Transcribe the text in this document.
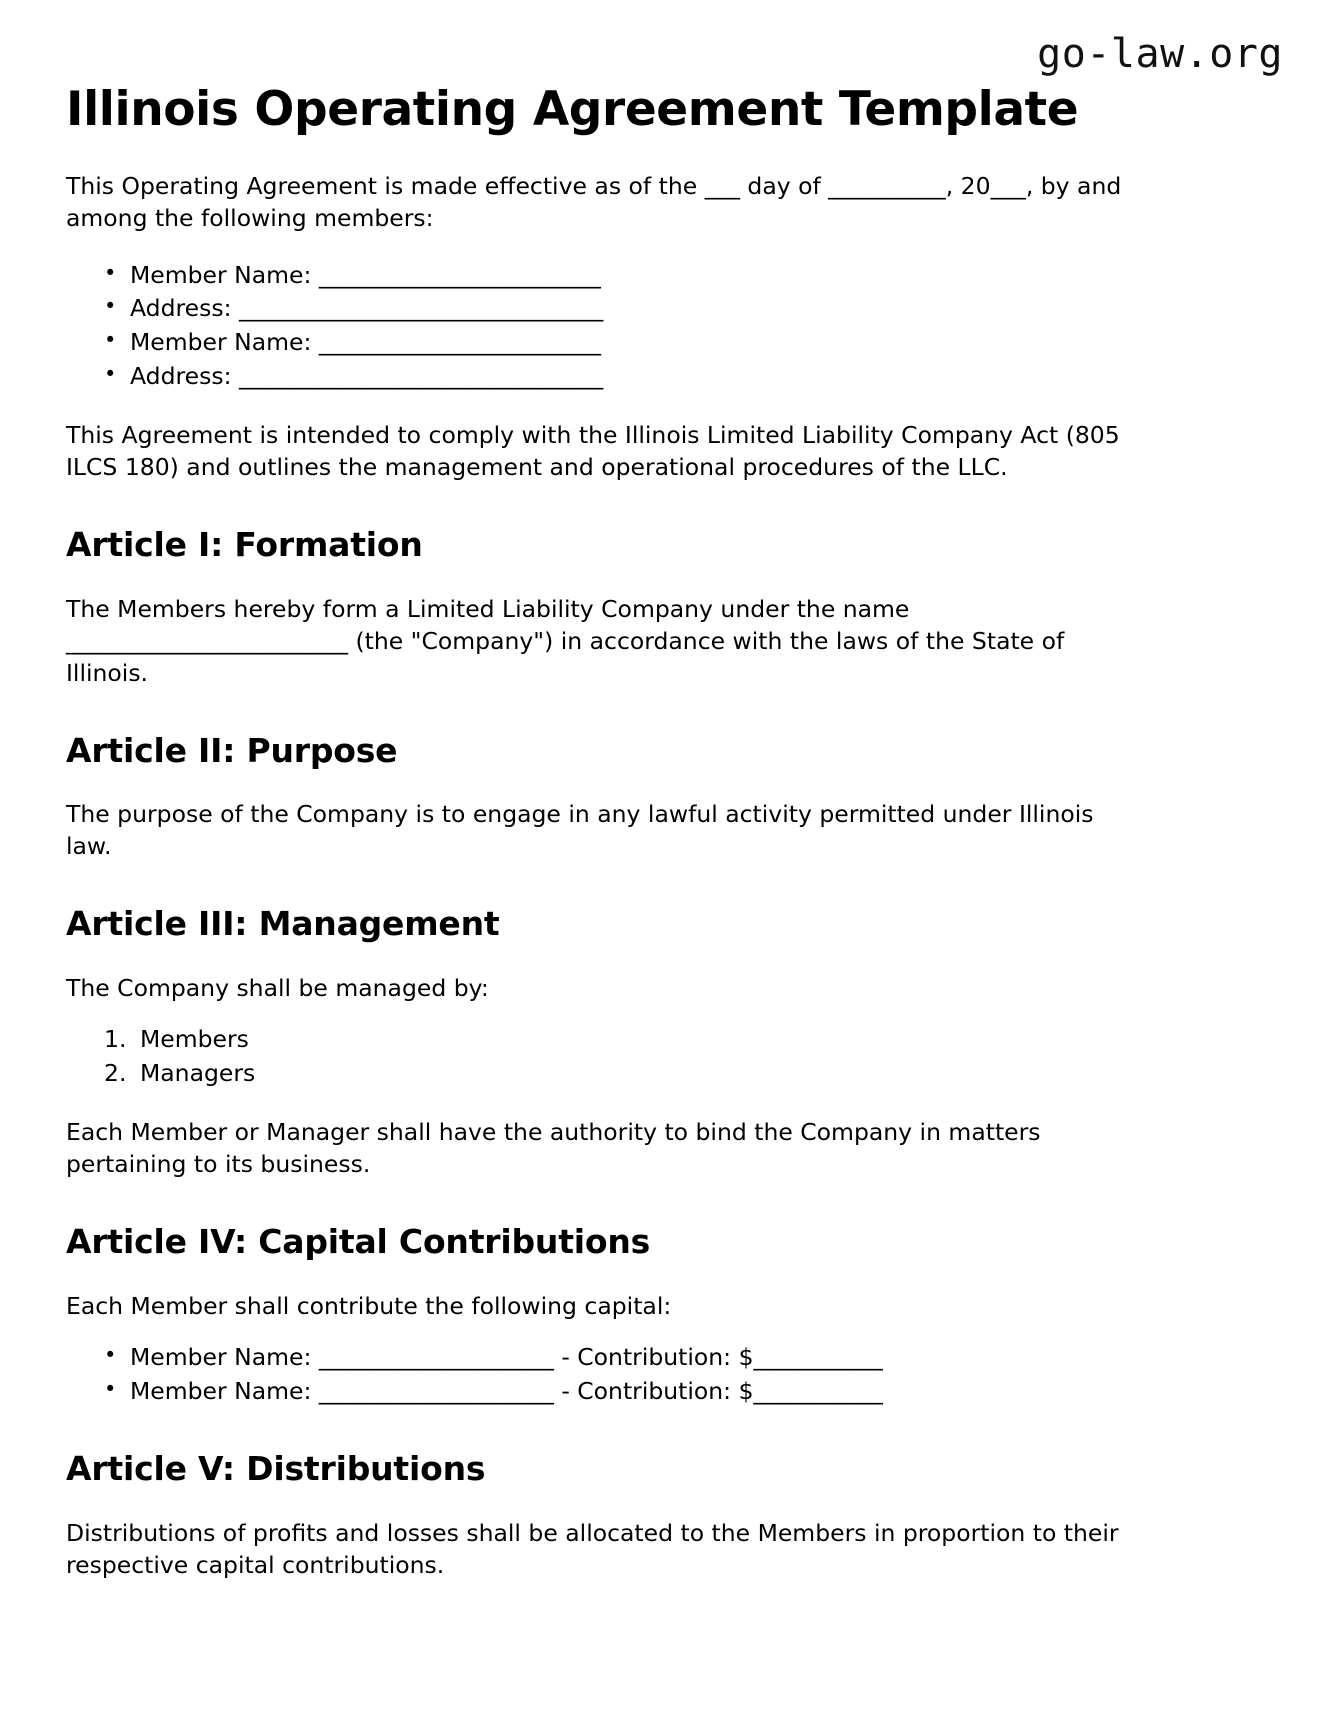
go-law.org
Illinois Operating Agreement Template

This Operating Agreement is made effective as of the ___ day of __________, 20___, by and among the following members:

• Member Name: ________________________
• Address: _______________________________
• Member Name: ________________________
• Address: _______________________________

This Agreement is intended to comply with the Illinois Limited Liability Company Act (805 ILCS 180) and outlines the management and operational procedures of the LLC.

Article I: Formation

The Members hereby form a Limited Liability Company under the name ________________________ (the "Company") in accordance with the laws of the State of Illinois.

Article II: Purpose

The purpose of the Company is to engage in any lawful activity permitted under Illinois law.

Article III: Management

The Company shall be managed by:

Members
Managers

Each Member or Manager shall have the authority to bind the Company in matters pertaining to its business.

Article IV: Capital Contributions

Each Member shall contribute the following capital:

• Member Name: ____________________ - Contribution: $___________
• Member Name: ____________________ - Contribution: $___________
Article V: Distributions

Distributions of profits and losses shall be allocated to the Members in proportion to their respective capital contributions.
